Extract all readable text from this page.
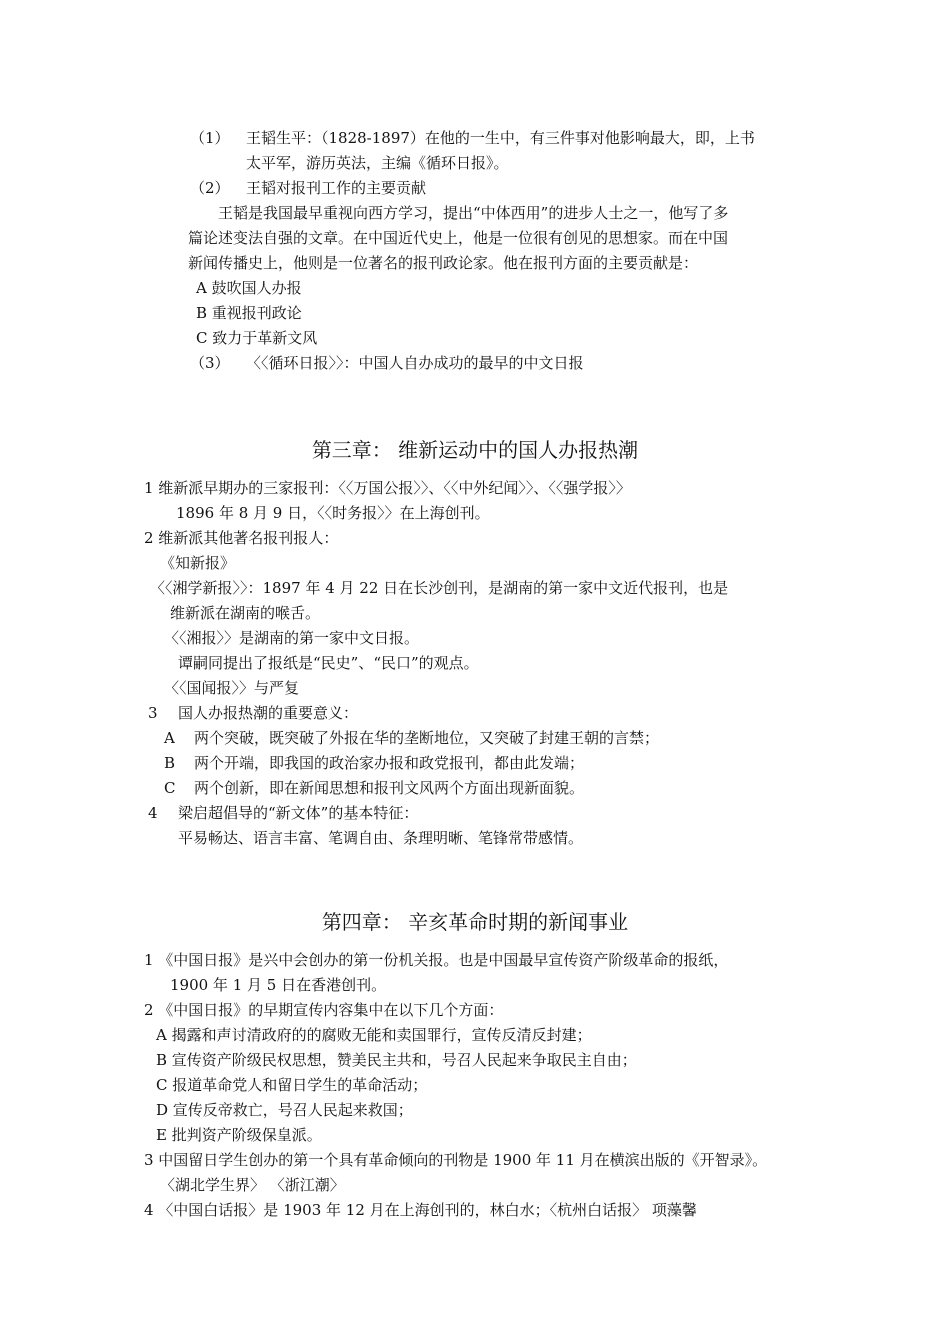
（1） 王韬生平：（1828-1897）在他的一生中，有三件事对他影响最大，即，上书
太平军，游历英法，主编《循环日报》。
（2） 王韬对报刊工作的主要贡献
王韬是我国最早重视向西方学习，提出“中体西用”的进步人士之一，他写了多
篇论述变法自强的文章。在中国近代史上，他是一位很有创见的思想家。而在中国
新闻传播史上，他则是一位著名的报刊政论家。他在报刊方面的主要贡献是：
A 鼓吹国人办报
B 重视报刊政论
C 致力于革新文风
（3） 〈〈循环日报〉〉：中国人自办成功的最早的中文日报
第三章： 维新运动中的国人办报热潮
1 维新派早期办的三家报刊：〈〈万国公报〉〉、〈〈中外纪闻〉〉、〈〈强学报〉〉
1896 年 8 月 9 日，〈〈时务报〉〉在上海创刊。
2 维新派其他著名报刊报人：
《知新报》
〈〈湘学新报〉〉：1897 年 4 月 22 日在长沙创刊，是湖南的第一家中文近代报刊，也是
维新派在湖南的喉舌。
〈〈湘报〉〉是湖南的第一家中文日报。
谭嗣同提出了报纸是“民史”、“民口”的观点。
〈〈国闻报〉〉与严复
3 国人办报热潮的重要意义：
A 两个突破，既突破了外报在华的垄断地位，又突破了封建王朝的言禁；
B 两个开端，即我国的政治家办报和政党报刊，都由此发端；
C 两个创新，即在新闻思想和报刊文风两个方面出现新面貌。
4 梁启超倡导的“新文体”的基本特征：
平易畅达、语言丰富、笔调自由、条理明晰、笔锋常带感情。
第四章： 辛亥革命时期的新闻事业
1 《中国日报》是兴中会创办的第一份机关报。也是中国最早宣传资产阶级革命的报纸，
1900 年 1 月 5 日在香港创刊。
2 《中国日报》的早期宣传内容集中在以下几个方面：
A 揭露和声讨清政府的的腐败无能和卖国罪行，宣传反清反封建；
B 宣传资产阶级民权思想，赞美民主共和，号召人民起来争取民主自由；
C 报道革命党人和留日学生的革命活动；
D 宣传反帝救亡，号召人民起来救国；
E 批判资产阶级保皇派。
3 中国留日学生创办的第一个具有革命倾向的刊物是 1900 年 11 月在横滨出版的《开智录》。
〈湖北学生界〉 〈浙江潮〉
4 〈中国白话报〉是 1903 年 12 月在上海创刊的，林白水；〈杭州白话报〉 项藻馨
